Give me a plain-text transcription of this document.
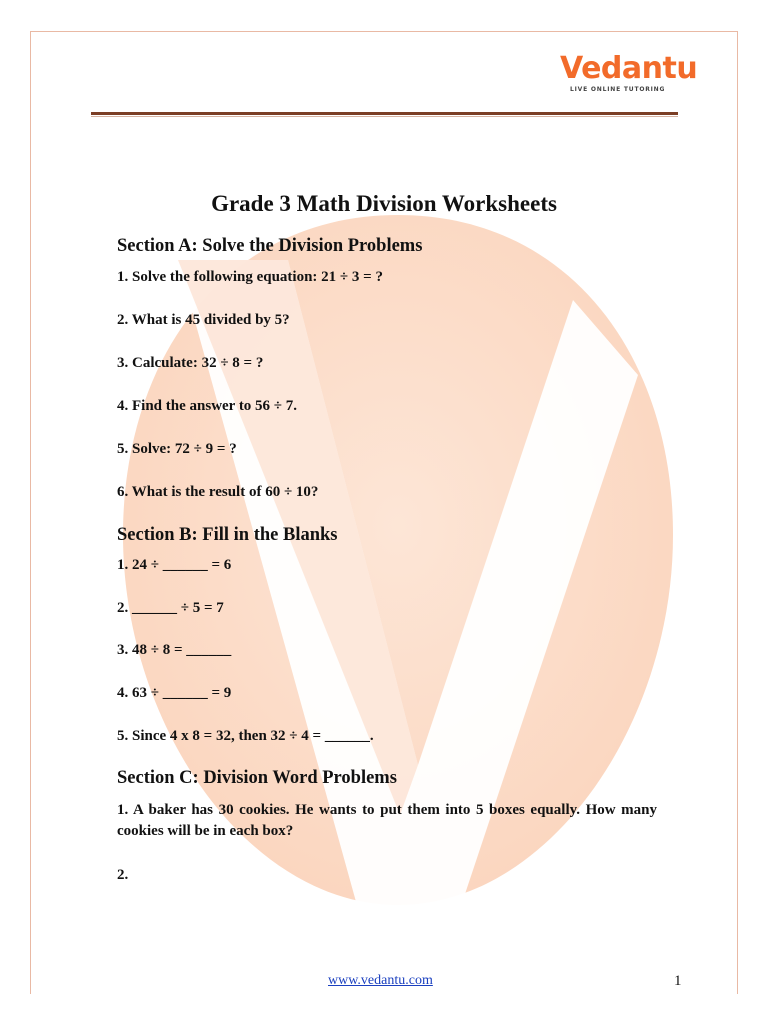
Vedantu
LIVE ONLINE TUTORING
Grade 3 Math Division Worksheets
Section A: Solve the Division Problems
1. Solve the following equation: 21 ÷ 3 = ?
2. What is 45 divided by 5?
3. Calculate: 32 ÷ 8 = ?
4. Find the answer to 56 ÷ 7.
5. Solve: 72 ÷ 9 = ?
6. What is the result of 60 ÷ 10?
Section B: Fill in the Blanks
1. 24 ÷ ______ = 6
2. ______ ÷ 5 = 7
3. 48 ÷ 8 = ______
4. 63 ÷ ______ = 9
5. Since 4 x 8 = 32, then 32 ÷ 4 = ______.
Section C: Division Word Problems
1. A baker has 30 cookies. He wants to put them into 5 boxes equally. How many cookies will be in each box?
2.
www.vedantu.com	1
